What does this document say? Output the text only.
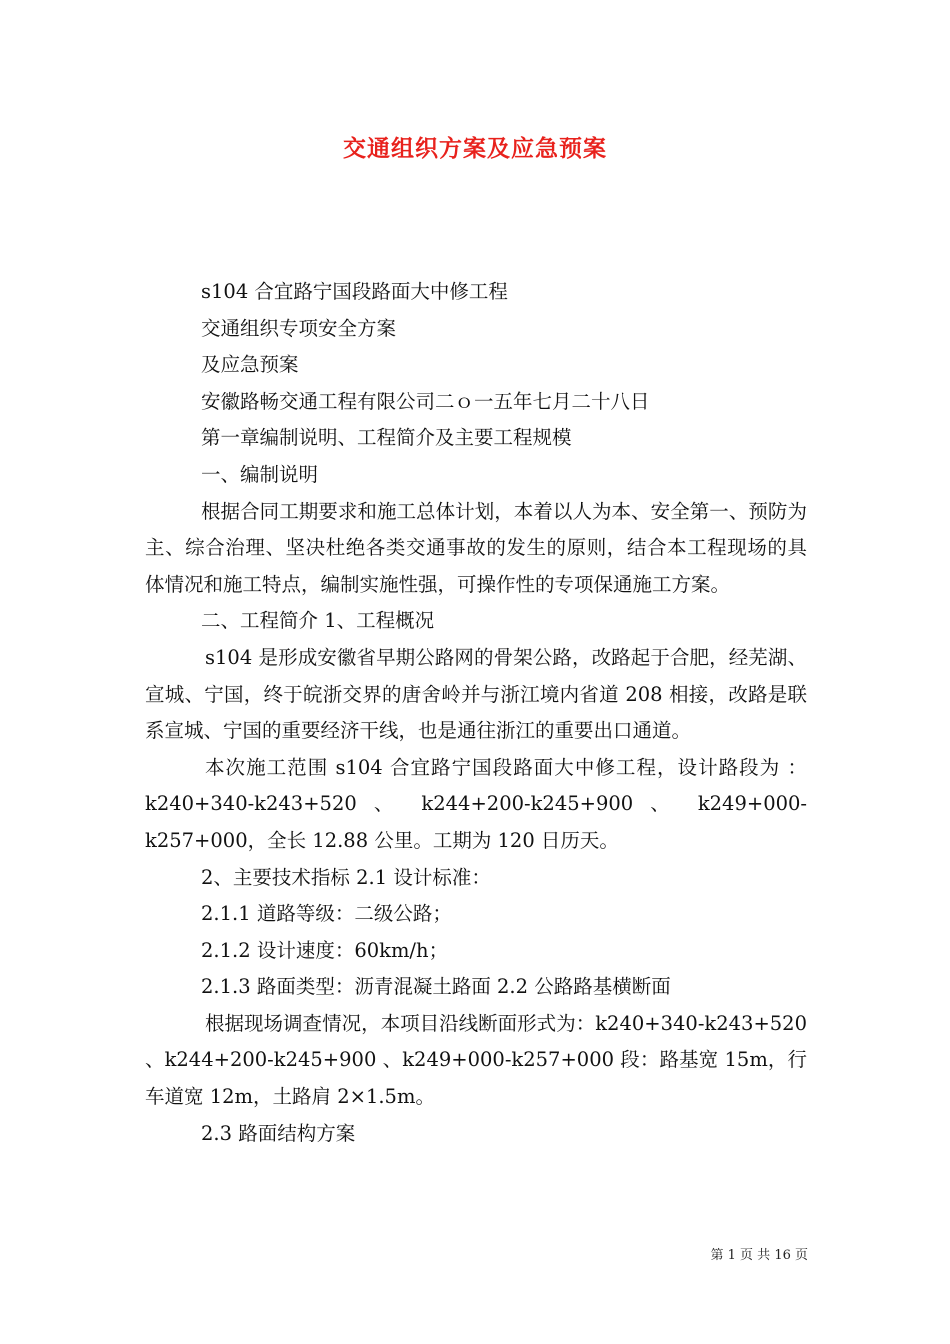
交通组织方案及应急预案

s104 合宜路宁国段路面大中修工程

交通组织专项安全方案

及应急预案

安徽路畅交通工程有限公司二ｏ一五年七月二十八日

第一章编制说明、工程简介及主要工程规模

一、编制说明

根据合同工期要求和施工总体计划，本着以人为本、安全第一、预防为主、综合治理、坚决杜绝各类交通事故的发生的原则，结合本工程现场的具体情况和施工特点，编制实施性强，可操作性的专项保通施工方案。

二、工程简介 1、工程概况

s104 是形成安徽省早期公路网的骨架公路，改路起于合肥，经芜湖、宣城、宁国，终于皖浙交界的唐舍岭并与浙江境内省道 208 相接，改路是联系宣城、宁国的重要经济干线，也是通往浙江的重要出口通道。

本次施工范围 s104 合宜路宁国段路面大中修工程，设计路段为 ： k240+340-k243+520 、 k244+200-k245+900 、 k249+000-k257+000，全长 12.88 公里。工期为 120 日历天。

2、主要技术指标 2.1 设计标准：

2.1.1 道路等级：二级公路；

2.1.2 设计速度：60km/h；

2.1.3 路面类型：沥青混凝土路面 2.2 公路路基横断面

根据现场调查情况，本项目沿线断面形式为：k240+340-k243+520 、k244+200-k245+900 、k249+000-k257+000 段：路基宽 15m，行车道宽 12m，土路肩 2×1.5m。

2.3 路面结构方案

第 1 页 共 16 页
